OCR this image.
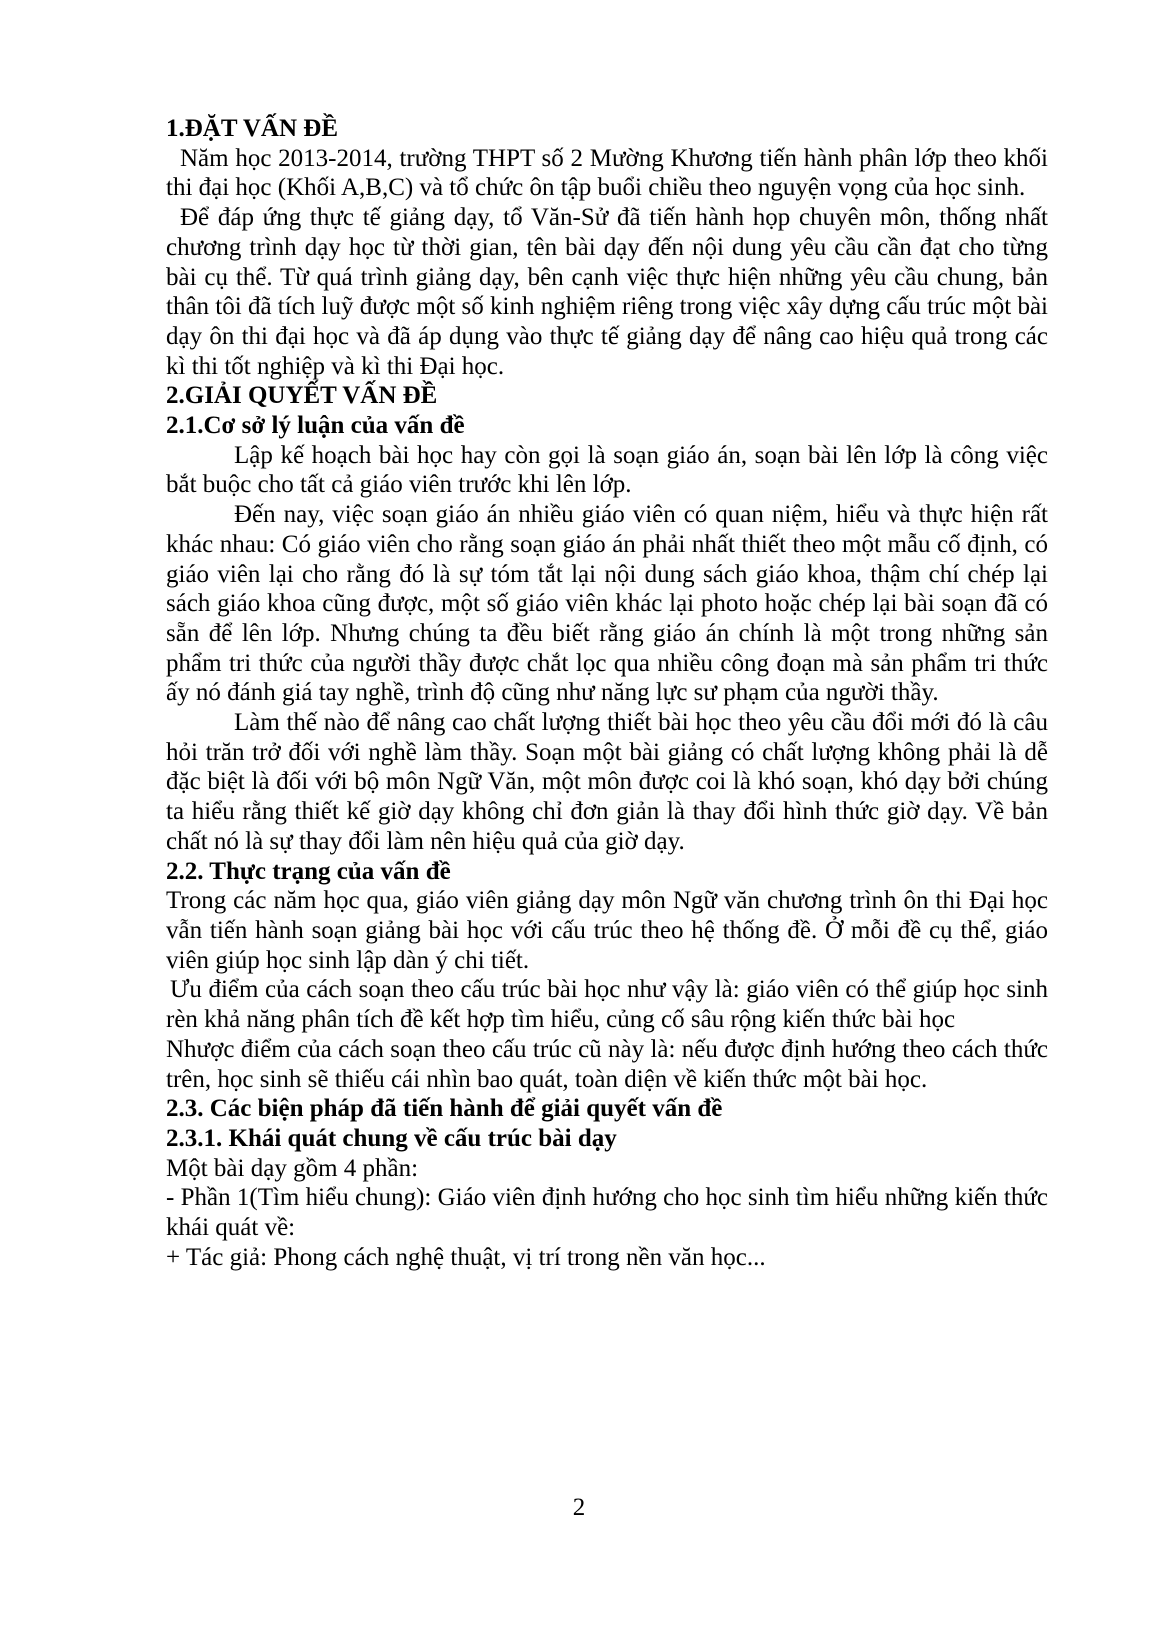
1.ĐẶT VẤN ĐỀ

Năm học 2013-2014, trường THPT số 2 Mường Khương tiến hành phân lớp theo khối thi đại học (Khối A,B,C) và tổ chức ôn tập buổi chiều theo nguyện vọng của học sinh.

Để đáp ứng thực tế giảng dạy, tổ Văn-Sử đã tiến hành họp chuyên môn, thống nhất chương trình dạy học từ thời gian, tên bài dạy đến nội dung yêu cầu cần đạt cho từng bài cụ thể. Từ quá trình giảng dạy, bên cạnh việc thực hiện những yêu cầu chung, bản thân tôi đã tích luỹ được một số kinh nghiệm riêng trong việc xây dựng cấu trúc một bài dạy ôn thi đại học và đã áp dụng vào thực tế giảng dạy để nâng cao hiệu quả trong các kì thi tốt nghiệp và kì thi Đại học.

2.GIẢI QUYẾT VẤN ĐỀ

2.1.Cơ sở lý luận của vấn đề

Lập kế hoạch bài học hay còn gọi là soạn giáo án, soạn bài lên lớp là công việc bắt buộc cho tất cả giáo viên trước khi lên lớp.

Đến nay, việc soạn giáo án nhiều giáo viên có quan niệm, hiểu và thực hiện rất khác nhau: Có giáo viên cho rằng soạn giáo án phải nhất thiết theo một mẫu cố định, có giáo viên lại cho rằng đó là sự tóm tắt lại nội dung sách giáo khoa, thậm chí chép lại sách giáo khoa cũng được, một số giáo viên khác lại photo hoặc chép lại bài soạn đã có sẵn để lên lớp. Nhưng chúng ta đều biết rằng giáo án chính là một trong những sản phẩm tri thức của người thầy được chắt lọc qua nhiều công đoạn mà sản phẩm tri thức ấy nó đánh giá tay nghề, trình độ cũng như năng lực sư phạm của người thầy.

Làm thế nào để nâng cao chất lượng thiết bài học theo yêu cầu đổi mới đó là câu hỏi trăn trở đối với nghề làm thầy. Soạn một bài giảng có chất lượng không phải là dễ đặc biệt là đối với bộ môn Ngữ Văn, một môn được coi là khó soạn, khó dạy bởi chúng ta hiểu rằng thiết kế giờ dạy không chỉ đơn giản là thay đổi hình thức giờ dạy. Về bản chất nó là sự thay đổi làm nên hiệu quả của giờ dạy.

2.2. Thực trạng của vấn đề

Trong các năm học qua, giáo viên giảng dạy môn Ngữ văn chương trình ôn thi Đại học vẫn tiến hành soạn giảng bài học với cấu trúc theo hệ thống đề. Ở mỗi đề cụ thể, giáo viên giúp học sinh lập dàn ý chi tiết.

Ưu điểm của cách soạn theo cấu trúc bài học như vậy là: giáo viên có thể giúp học sinh rèn khả năng phân tích đề kết hợp tìm hiểu, củng cố sâu rộng kiến thức bài học

Nhược điểm của cách soạn theo cấu trúc cũ này là: nếu được định hướng theo cách thức trên, học sinh sẽ thiếu cái nhìn bao quát, toàn diện về kiến thức một bài học.

2.3. Các biện pháp đã tiến hành để giải quyết vấn đề

2.3.1. Khái quát chung về cấu trúc bài dạy

Một bài dạy gồm 4 phần:

- Phần 1(Tìm hiểu chung): Giáo viên định hướng cho học sinh tìm hiểu những kiến thức khái quát về:

+ Tác giả: Phong cách nghệ thuật, vị trí trong nền văn học...

2
